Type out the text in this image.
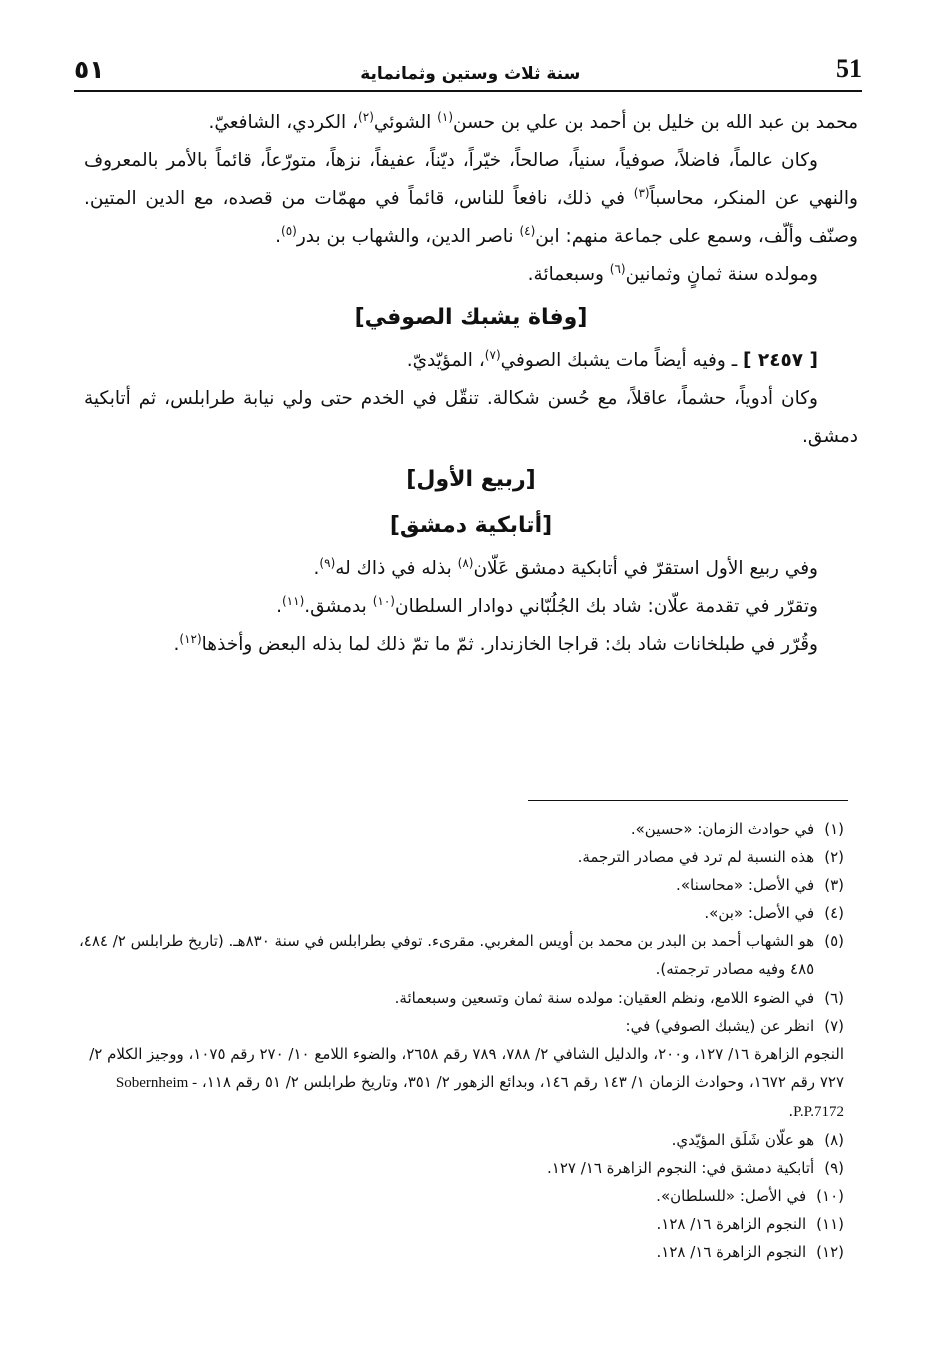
٥١	سنة ثلاث وستين وثمانماية	51

محمد بن عبد الله بن خليل بن أحمد بن علي بن حسن$^{(١)}$ الشوئي$^{(٢)}$، الكردي، الشافعيّ.

وكان عالماً، فاضلاً، صوفياً، سنياً، صالحاً، خيّراً، ديّناً، عفيفاً، نزهاً، متورّعاً، قائماً بالأمر بالمعروف والنهي عن المنكر، محاسباً$^{(٣)}$ في ذلك، نافعاً للناس، قائماً في مهمّات من قصده، مع الدين المتين. وصنّف وألّف، وسمع على جماعة منهم: ابن$^{(٤)}$ ناصر الدين، والشهاب بن بدر$^{(٥)}$.

ومولده سنة ثمانٍ وثمانين$^{(٦)}$ وسبعمائة.

[وفاة يشبك الصوفي]

[ ٢٤٥٧ ] ـ وفيه أيضاً مات يشبك الصوفي$^{(٧)}$، المؤيّديّ.

وكان أدوياً، حشماً، عاقلاً، مع حُسن شكالة. تنقّل في الخدم حتى ولي نيابة طرابلس، ثم أتابكية دمشق.

[ربيع الأول]

[أتابكية دمشق]

وفي ربيع الأول استقرّ في أتابكية دمشق عَلّان$^{(٨)}$ بذله في ذاك له$^{(٩)}$.

وتقرّر في تقدمة علّان: شاد بك الجُلُبّاني دوادار السلطان$^{(١٠)}$ بدمشق.$^{(١١)}$.

وقُرّر في طبلخانات شاد بك: قراجا الخازندار. ثمّ ما تمّ ذلك لما بذله البعض وأخذها$^{(١٢)}$.

(١)
في حوادث الزمان: «حسين».
(٢)
هذه النسبة لم ترد في مصادر الترجمة.
(٣)
في الأصل: «محاسنا».
(٤)
في الأصل: «بن».
(٥)
هو الشهاب أحمد بن البدر بن محمد بن أويس المغربي. مقرىء. توفي بطرابلس في سنة ٨٣٠هـ. (تاريخ طرابلس ٢/ ٤٨٤، ٤٨٥ وفيه مصادر ترجمته).
(٦)
في الضوء اللامع، ونظم العقيان: مولده سنة ثمان وتسعين وسبعمائة.
(٧)
انظر عن (يشبك الصوفي) في:
النجوم الزاهرة ١٦/ ١٢٧، و٢٠٠، والدليل الشافي ٢/ ٧٨٨، ٧٨٩ رقم ٢٦٥٨، والضوء اللامع ١٠/ ٢٧٠ رقم ١٠٧٥، ووجيز الكلام ٢/ ٧٢٧ رقم ١٦٧٢، وحوادث الزمان ١/ ١٤٣ رقم ١٤٦، وبدائع الزهور ٢/ ٣٥١، وتاريخ طرابلس ٢/ ٥١ رقم ١١٨، Sobernheim - P.P.7172.
(٨)
هو علّان شَلَق المؤيّدي.
(٩)
أتابكية دمشق في: النجوم الزاهرة ١٦/ ١٢٧.
(١٠)
في الأصل: «للسلطان».
(١١)
النجوم الزاهرة ١٦/ ١٢٨.
(١٢)
النجوم الزاهرة ١٦/ ١٢٨.
